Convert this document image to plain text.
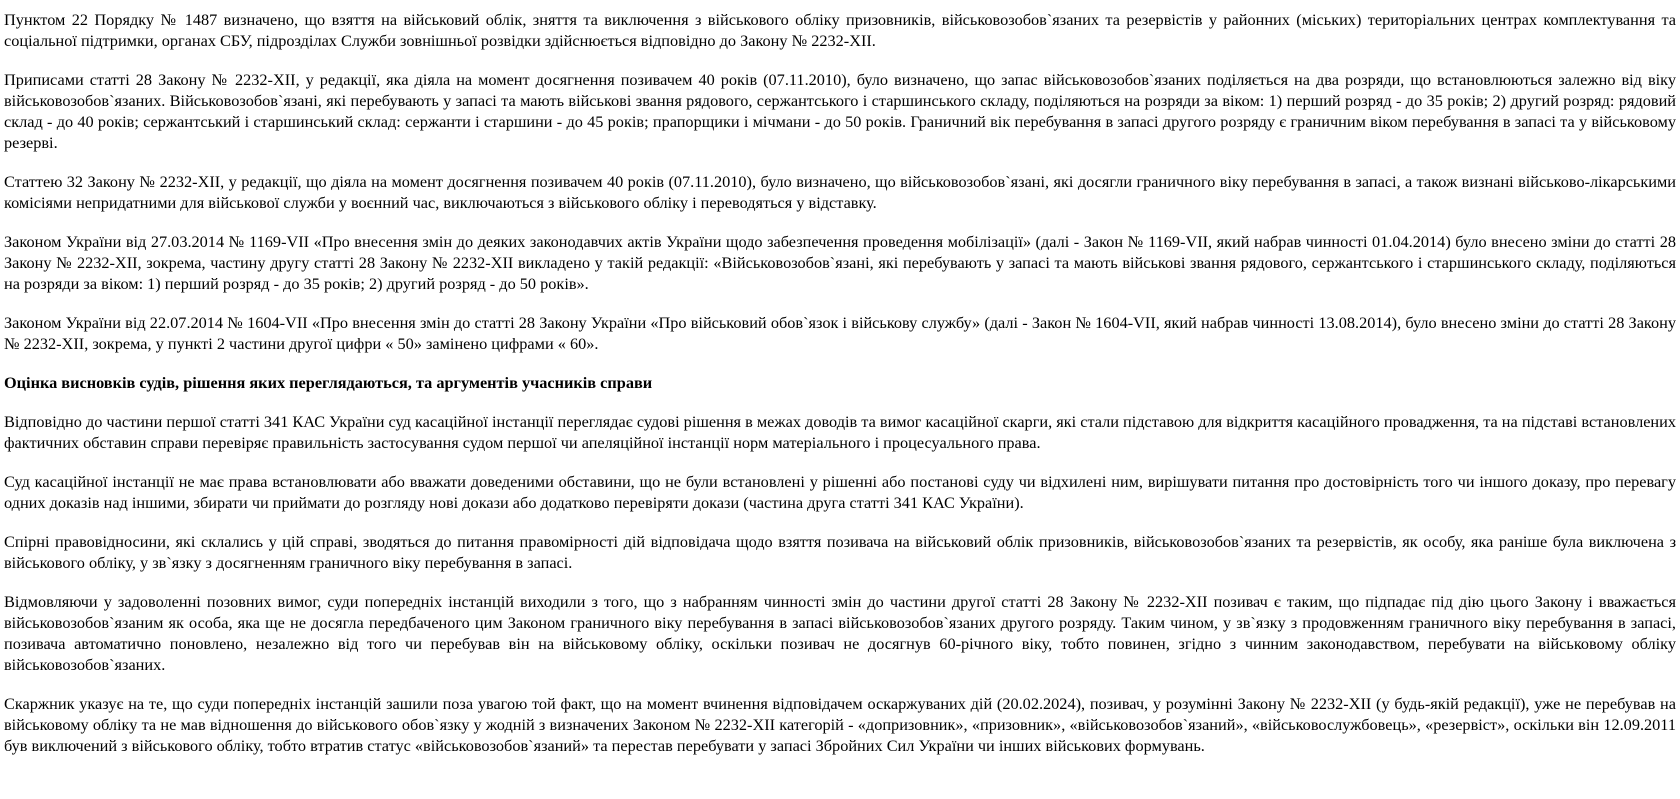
Пунктом 22 Порядку № 1487 визначено, що взяття на військовий облік, зняття та виключення з військового обліку призовників, військовозобов`язаних та резервістів у районних (міських) територіальних центрах комплектування та соціальної підтримки, органах СБУ, підрозділах Служби зовнішньої розвідки здійснюється відповідно до Закону № 2232-XII.

Приписами статті 28 Закону № 2232-XII, у редакції, яка діяла на момент досягнення позивачем 40 років (07.11.2010), було визначено, що запас військовозобов`язаних поділяється на два розряди, що встановлюються залежно від віку військовозобов`язаних. Військовозобов`язані, які перебувають у запасі та мають військові звання рядового, сержантського і старшинського складу, поділяються на розряди за віком: 1) перший розряд - до 35 років; 2) другий розряд: рядовий склад - до 40 років; сержантський і старшинський склад: сержанти і старшини - до 45 років; прапорщики і мічмани - до 50 років. Граничний вік перебування в запасі другого розряду є граничним віком перебування в запасі та у військовому резерві.

Статтею 32 Закону № 2232-XII, у редакції, що діяла на момент досягнення позивачем 40 років (07.11.2010), було визначено, що військовозобов`язані, які досягли граничного віку перебування в запасі, а також визнані військово-лікарськими комісіями непридатними для військової служби у воєнний час, виключаються з військового обліку і переводяться у відставку.

Законом України від 27.03.2014 № 1169-VII «Про внесення змін до деяких законодавчих актів України щодо забезпечення проведення мобілізації» (далі - Закон № 1169-VII, який набрав чинності 01.04.2014) було внесено зміни до статті 28 Закону № 2232-XII, зокрема, частину другу статті 28 Закону № 2232-XII викладено у такій редакції: «Військовозобов`язані, які перебувають у запасі та мають військові звання рядового, сержантського і старшинського складу, поділяються на розряди за віком: 1) перший розряд - до 35 років; 2) другий розряд - до 50 років».

Законом України від 22.07.2014 № 1604-VII «Про внесення змін до статті 28 Закону України «Про військовий обов`язок і військову службу» (далі - Закон № 1604-VII, який набрав чинності 13.08.2014), було внесено зміни до статті 28 Закону № 2232-XII, зокрема, у пункті 2 частини другої цифри « 50» замінено цифрами « 60».

Оцінка висновків судів, рішення яких переглядаються, та аргументів учасників справи

Відповідно до частини першої статті 341 КАС України суд касаційної інстанції переглядає судові рішення в межах доводів та вимог касаційної скарги, які стали підставою для відкриття касаційного провадження, та на підставі встановлених фактичних обставин справи перевіряє правильність застосування судом першої чи апеляційної інстанції норм матеріального і процесуального права.

Суд касаційної інстанції не має права встановлювати або вважати доведеними обставини, що не були встановлені у рішенні або постанові суду чи відхилені ним, вирішувати питання про достовірність того чи іншого доказу, про перевагу одних доказів над іншими, збирати чи приймати до розгляду нові докази або додатково перевіряти докази (частина друга статті 341 КАС України).

Спірні правовідносини, які склались у цій справі, зводяться до питання правомірності дій відповідача щодо взяття позивача на військовий облік призовників, військовозобов`язаних та резервістів, як особу, яка раніше була виключена з військового обліку, у зв`язку з досягненням граничного віку перебування в запасі.

Відмовляючи у задоволенні позовних вимог, суди попередніх інстанцій виходили з того, що з набранням чинності змін до частини другої статті 28 Закону № 2232-XII позивач є таким, що підпадає під дію цього Закону і вважається військовозобов`язаним як особа, яка ще не досягла передбаченого цим Законом граничного віку перебування в запасі військовозобов`язаних другого розряду. Таким чином, у зв`язку з продовженням граничного віку перебування в запасі, позивача автоматично поновлено, незалежно від того чи перебував він на військовому обліку, оскільки позивач не досягнув 60-річного віку, тобто повинен, згідно з чинним законодавством, перебувати на військовому обліку військовозобов`язаних.

Скаржник указує на те, що суди попередніх інстанцій зашили поза увагою той факт, що на момент вчинення відповідачем оскаржуваних дій (20.02.2024), позивач, у розумінні Закону № 2232-XII (у будь-якій редакції), уже не перебував на військовому обліку та не мав відношення до військового обов`язку у жодній з визначених Законом № 2232-XII категорій - «допризовник», «призовник», «військовозобов`язаний», «військовослужбовець», «резервіст», оскільки він 12.09.2011 був виключений з військового обліку, тобто втратив статус «військовозобов`язаний» та перестав перебувати у запасі Збройних Сил України чи інших військових формувань.
